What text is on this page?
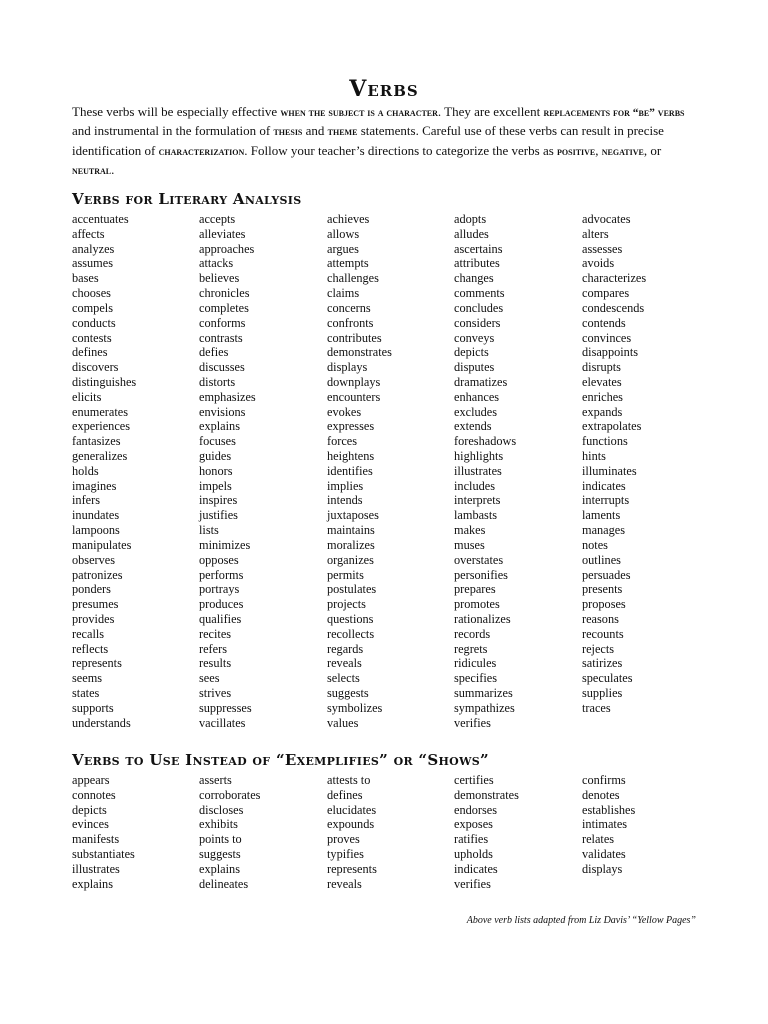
Verbs
These verbs will be especially effective when the subject is a character. They are excellent replacements for “be” verbs and instrumental in the formulation of thesis and theme statements. Careful use of these verbs can result in precise identification of characterization. Follow your teacher’s directions to categorize the verbs as positive, negative, or neutral.
Verbs for Literary Analysis
accentuates
affects
analyzes
assumes
bases
chooses
compels
conducts
contests
defines
discovers
distinguishes
elicits
enumerates
experiences
fantasizes
generalizes
holds
imagines
infers
inundates
lampoons
manipulates
observes
patronizes
ponders
presumes
provides
recalls
reflects
represents
seems
states
supports
understands
accepts
alleviates
approaches
attacks
believes
chronicles
completes
conforms
contrasts
defies
discusses
distorts
emphasizes
envisions
explains
focuses
guides
honors
impels
inspires
justifies
lists
minimizes
opposes
performs
portrays
produces
qualifies
recites
refers
results
sees
strives
suppresses
vacillates
achieves
allows
argues
attempts
challenges
claims
concerns
confronts
contributes
demonstrates
displays
downplays
encounters
evokes
expresses
forces
heightens
identifies
implies
intends
juxtaposes
maintains
moralizes
organizes
permits
postulates
projects
questions
recollects
regards
reveals
selects
suggests
symbolizes
values
adopts
alludes
ascertains
attributes
changes
comments
concludes
considers
conveys
depicts
disputes
dramatizes
enhances
excludes
extends
foreshadows
highlights
illustrates
includes
interprets
lambasts
makes
muses
overstates
personifies
prepares
promotes
rationalizes
records
regrets
ridicules
specifies
summarizes
sympathizes
verifies
advocates
alters
assesses
avoids
characterizes
compares
condescends
contends
convinces
disappoints
disrupts
elevates
enriches
expands
extrapolates
functions
hints
illuminates
indicates
interrupts
laments
manages
notes
outlines
persuades
presents
proposes
reasons
recounts
rejects
satirizes
speculates
supplies
traces
Verbs to Use Instead of “Exemplifies” or “Shows”
appears
connotes
depicts
evinces
manifests
substantiates
illustrates
explains
asserts
corroborates
discloses
exhibits
points to
suggests
explains
delineates
attests to
defines
elucidates
expounds
proves
typifies
represents
reveals
certifies
demonstrates
endorses
exposes
ratifies
upholds
indicates
verifies
confirms
denotes
establishes
intimates
relates
validates
displays
Above verb lists adapted from Liz Davis’ “Yellow Pages”
